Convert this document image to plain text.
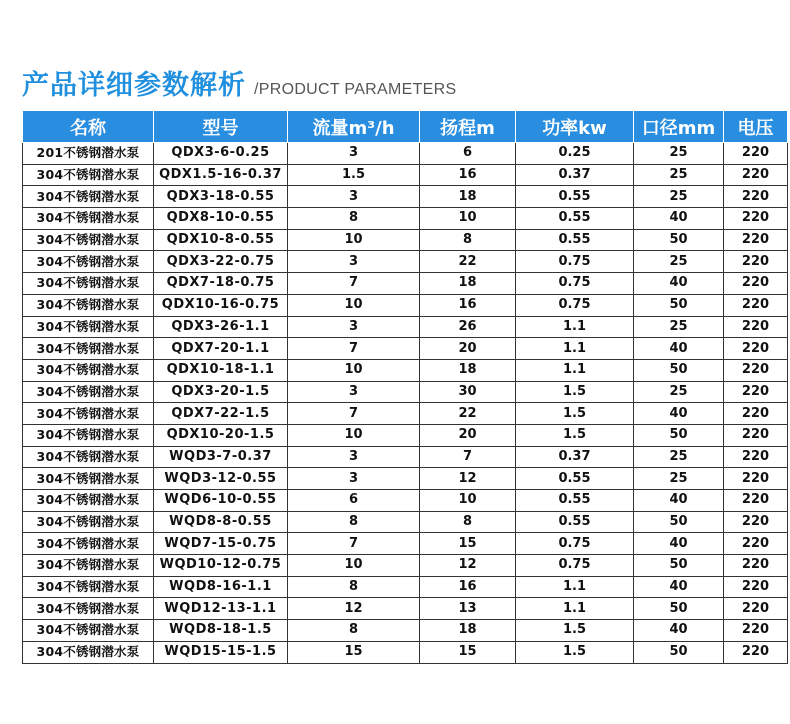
产品详细参数解析 /PRODUCT PARAMETERS
名称	型号	流量m³/h	扬程m	功率kw	口径mm	电压
201不锈钢潜水泵	QDX3-6-0.25	3	6	0.25	25	220
304不锈钢潜水泵	QDX1.5-16-0.37	1.5	16	0.37	25	220
304不锈钢潜水泵	QDX3-18-0.55	3	18	0.55	25	220
304不锈钢潜水泵	QDX8-10-0.55	8	10	0.55	40	220
304不锈钢潜水泵	QDX10-8-0.55	10	8	0.55	50	220
304不锈钢潜水泵	QDX3-22-0.75	3	22	0.75	25	220
304不锈钢潜水泵	QDX7-18-0.75	7	18	0.75	40	220
304不锈钢潜水泵	QDX10-16-0.75	10	16	0.75	50	220
304不锈钢潜水泵	QDX3-26-1.1	3	26	1.1	25	220
304不锈钢潜水泵	QDX7-20-1.1	7	20	1.1	40	220
304不锈钢潜水泵	QDX10-18-1.1	10	18	1.1	50	220
304不锈钢潜水泵	QDX3-20-1.5	3	30	1.5	25	220
304不锈钢潜水泵	QDX7-22-1.5	7	22	1.5	40	220
304不锈钢潜水泵	QDX10-20-1.5	10	20	1.5	50	220
304不锈钢潜水泵	WQD3-7-0.37	3	7	0.37	25	220
304不锈钢潜水泵	WQD3-12-0.55	3	12	0.55	25	220
304不锈钢潜水泵	WQD6-10-0.55	6	10	0.55	40	220
304不锈钢潜水泵	WQD8-8-0.55	8	8	0.55	50	220
304不锈钢潜水泵	WQD7-15-0.75	7	15	0.75	40	220
304不锈钢潜水泵	WQD10-12-0.75	10	12	0.75	50	220
304不锈钢潜水泵	WQD8-16-1.1	8	16	1.1	40	220
304不锈钢潜水泵	WQD12-13-1.1	12	13	1.1	50	220
304不锈钢潜水泵	WQD8-18-1.5	8	18	1.5	40	220
304不锈钢潜水泵	WQD15-15-1.5	15	15	1.5	50	220
